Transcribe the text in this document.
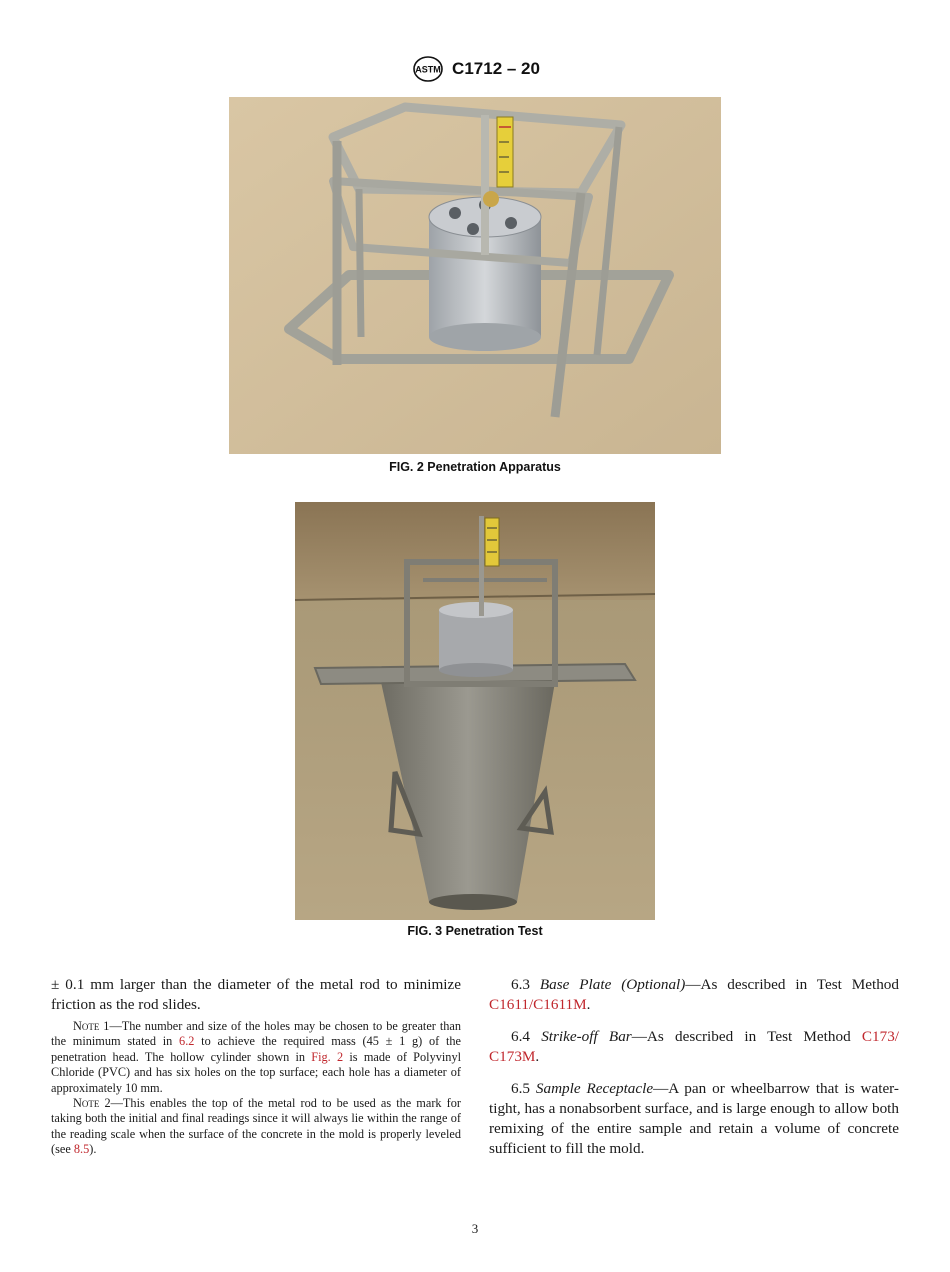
ASTM C1712 – 20
FIG. 2 Penetration Apparatus
FIG. 3 Penetration Test

± 0.1 mm larger than the diameter of the metal rod to minimize friction as the rod slides.

Note 1—The number and size of the holes may be chosen to be greater than the minimum stated in 6.2 to achieve the required mass (45 ± 1 g) of the penetration head. The hollow cylinder shown in Fig. 2 is made of Polyvinyl Chloride (PVC) and has six holes on the top surface; each hole has a diameter of approximately 10 mm.

Note 2—This enables the top of the metal rod to be used as the mark for taking both the initial and final readings since it will always lie within the range of the reading scale when the surface of the concrete in the mold is properly leveled (see 8.5).

6.3 Base Plate (Optional)—As described in Test Method C1611/C1611M.

6.4 Strike-off Bar—As described in Test Method C173/ C173M.

6.5 Sample Receptacle—A pan or wheelbarrow that is water-tight, has a nonabsorbent surface, and is large enough to allow both remixing of the entire sample and retain a volume of concrete sufficient to fill the mold.

3
